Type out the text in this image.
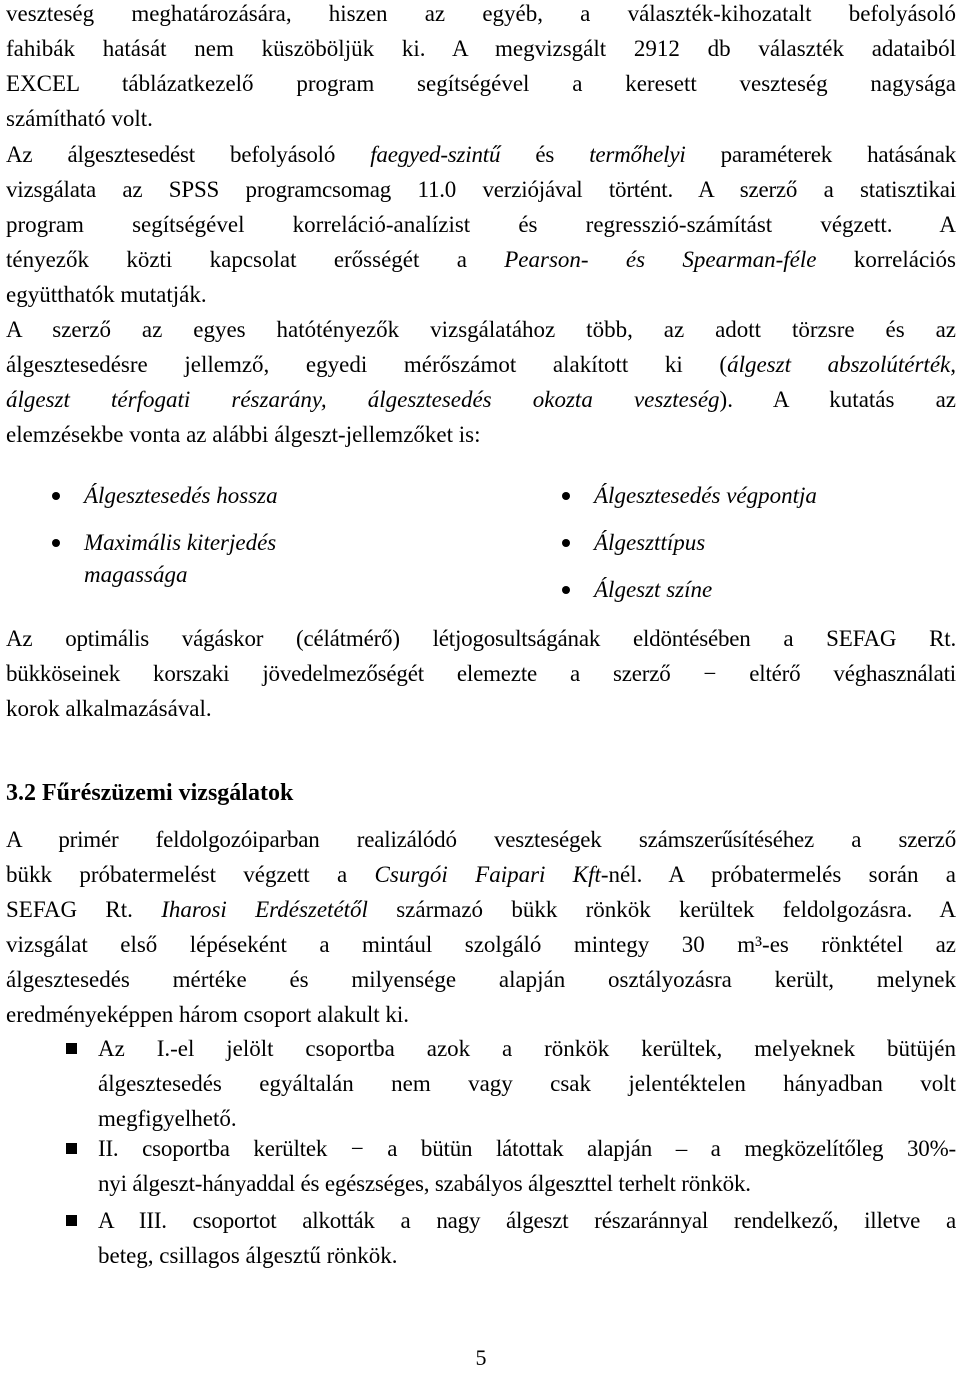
veszteség meghatározására, hiszen az egyéb, a választék-kihozatalt befolyásoló
fahibák hatását nem küszöböljük ki. A megvizsgált 2912 db választék adataiból
EXCEL táblázatkezelő program segítségével a keresett veszteség nagysága
számítható volt.
Az álgesztesedést befolyásoló faegyed-szintű és termőhelyi paraméterek hatásának
vizsgálata az SPSS programcsomag 11.0 verziójával történt. A szerző a statisztikai
program segítségével korreláció-analízist és regresszió-számítást végzett. A
tényezők közti kapcsolat erősségét a Pearson- és Spearman-féle korrelációs
együtthatók mutatják.
A szerző az egyes hatótényezők vizsgálatához több, az adott törzsre és az
álgesztesedésre jellemző, egyedi mérőszámot alakított ki (álgeszt abszolútérték,
álgeszt térfogati részarány, álgesztesedés okozta veszteség). A kutatás az
elemzésekbe vonta az alábbi álgeszt-jellemzőket is:
Álgesztesedés hossza
Maximális kiterjedés magassága
Álgesztesedés végpontja
Álgeszttípus
Álgeszt színe
Az optimális vágáskor (célátmérő) létjogosultságának eldöntésében a SEFAG Rt.
bükköseinek korszaki jövedelmezőségét elemezte a szerző − eltérő véghasználati
korok alkalmazásával.
3.2 Fűrészüzemi vizsgálatok
A primér feldolgozóiparban realizálódó veszteségek számszerűsítéséhez a szerző
bükk próbatermelést végzett a Csurgói Faipari Kft-nél. A próbatermelés során a
SEFAG Rt. Iharosi Erdészetétől származó bükk rönkök kerültek feldolgozásra. A
vizsgálat első lépéseként a mintául szolgáló mintegy 30 m³-es rönktétel az
álgesztesedés mértéke és milyensége alapján osztályozásra került, melynek
eredményeképpen három csoport alakult ki.
Az I.-el jelölt csoportba azok a rönkök kerültek, melyeknek bütüjén
álgesztesedés egyáltalán nem vagy csak jelentéktelen hányadban volt
megfigyelhető.
II. csoportba kerültek − a bütün látottak alapján – a megközelítőleg 30%-
nyi álgeszt-hányaddal és egészséges, szabályos álgeszttel terhelt rönkök.
A III. csoportot alkották a nagy álgeszt részaránnyal rendelkező, illetve a
beteg, csillagos álgesztű rönkök.
5
